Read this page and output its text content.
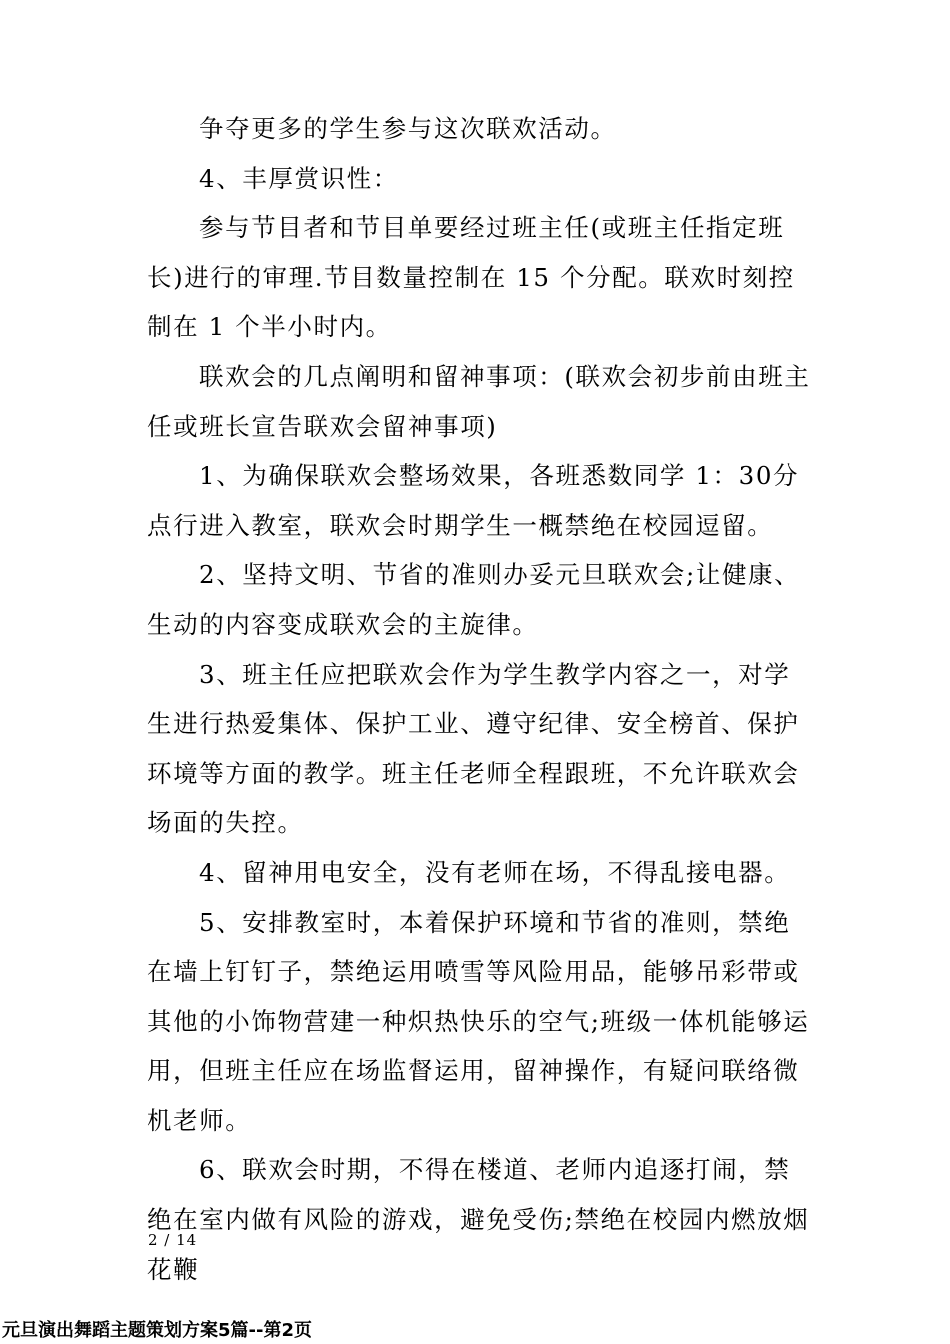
争夺更多的学生参与这次联欢活动。

4、丰厚赏识性：

参与节目者和节目单要经过班主任(或班主任指定班长)进行的审理.节目数量控制在 15 个分配。联欢时刻控制在 1 个半小时内。

联欢会的几点阐明和留神事项：(联欢会初步前由班主任或班长宣告联欢会留神事项)

1、为确保联欢会整场效果，各班悉数同学 1：30分点行进入教室，联欢会时期学生一概禁绝在校园逗留。

2、坚持文明、节省的准则办妥元旦联欢会;让健康、生动的内容变成联欢会的主旋律。

3、班主任应把联欢会作为学生教学内容之一，对学生进行热爱集体、保护工业、遵守纪律、安全榜首、保护环境等方面的教学。班主任老师全程跟班，不允许联欢会场面的失控。

4、留神用电安全，没有老师在场，不得乱接电器。

5、安排教室时，本着保护环境和节省的准则，禁绝在墙上钉钉子，禁绝运用喷雪等风险用品，能够吊彩带或其他的小饰物营建一种炽热快乐的空气;班级一体机能够运用，但班主任应在场监督运用，留神操作，有疑问联络微机老师。

6、联欢会时期，不得在楼道、老师内追逐打闹，禁绝在室内做有风险的游戏，避免受伤;禁绝在校园内燃放烟花鞭

2 / 14
元旦演出舞蹈主题策划方案5篇--第2页
